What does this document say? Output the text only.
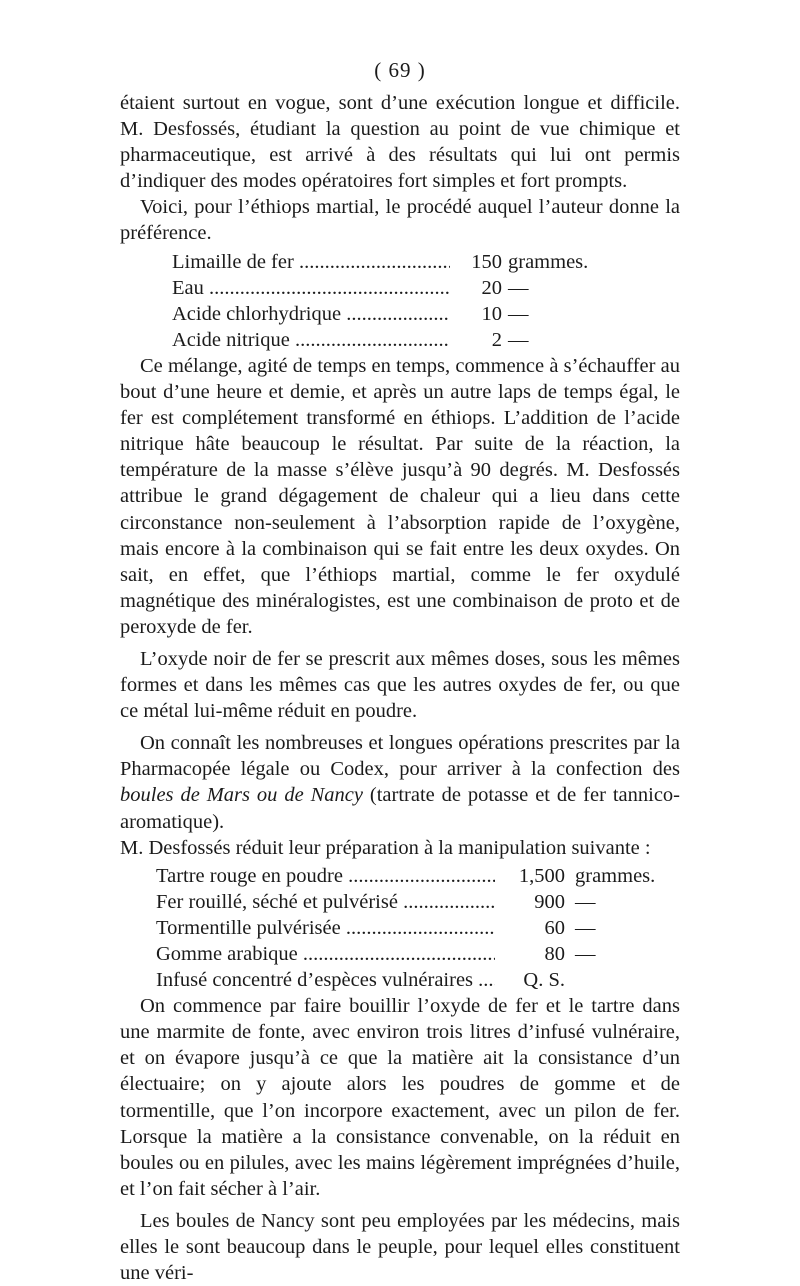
( 69 )

étaient surtout en vogue, sont d’une exécution longue et difficile. M. Desfossés, étudiant la question au point de vue chimique et pharmaceutique, est arrivé à des résultats qui lui ont permis d’indiquer des modes opératoires fort simples et fort prompts.

Voici, pour l’éthiops martial, le procédé auquel l’auteur donne la préférence.

Limaille de fer .....	150 grammes.
Eau .....	20 —
Acide chlorhydrique .....	10 —
Acide nitrique .....	2 —

Ce mélange, agité de temps en temps, commence à s’échauffer au bout d’une heure et demie, et après un autre laps de temps égal, le fer est complétement transformé en éthiops. L’addition de l’acide nitrique hâte beaucoup le résultat. Par suite de la réaction, la température de la masse s’élève jusqu’à 90 degrés. M. Desfossés attribue le grand dégagement de chaleur qui a lieu dans cette circonstance non-seulement à l’absorption rapide de l’oxygène, mais encore à la combinaison qui se fait entre les deux oxydes. On sait, en effet, que l’éthiops martial, comme le fer oxydulé magnétique des minéralogistes, est une combinaison de proto et de peroxyde de fer.

L’oxyde noir de fer se prescrit aux mêmes doses, sous les mêmes formes et dans les mêmes cas que les autres oxydes de fer, ou que ce métal lui-même réduit en poudre.

On connaît les nombreuses et longues opérations prescrites par la Pharmacopée légale ou Codex, pour arriver à la confection des boules de Mars ou de Nancy (tartrate de potasse et de fer tannico-aromatique).

M. Desfossés réduit leur préparation à la manipulation suivante :

Tartre rouge en poudre .....	1,500 grammes.
Fer rouillé, séché et pulvérisé .....	900 —
Tormentille pulvérisée .....	60 —
Gomme arabique .....	80 —
Infusé concentré d’espèces vulnéraires .....	Q. S.

On commence par faire bouillir l’oxyde de fer et le tartre dans une marmite de fonte, avec environ trois litres d’infusé vulnéraire, et on évapore jusqu’à ce que la matière ait la consistance d’un électuaire; on y ajoute alors les poudres de gomme et de tormentille, que l’on incorpore exactement, avec un pilon de fer. Lorsque la matière a la consistance convenable, on la réduit en boules ou en pilules, avec les mains légèrement imprégnées d’huile, et l’on fait sécher à l’air.

Les boules de Nancy sont peu employées par les médecins, mais elles le sont beaucoup dans le peuple, pour lequel elles constituent une véri-
